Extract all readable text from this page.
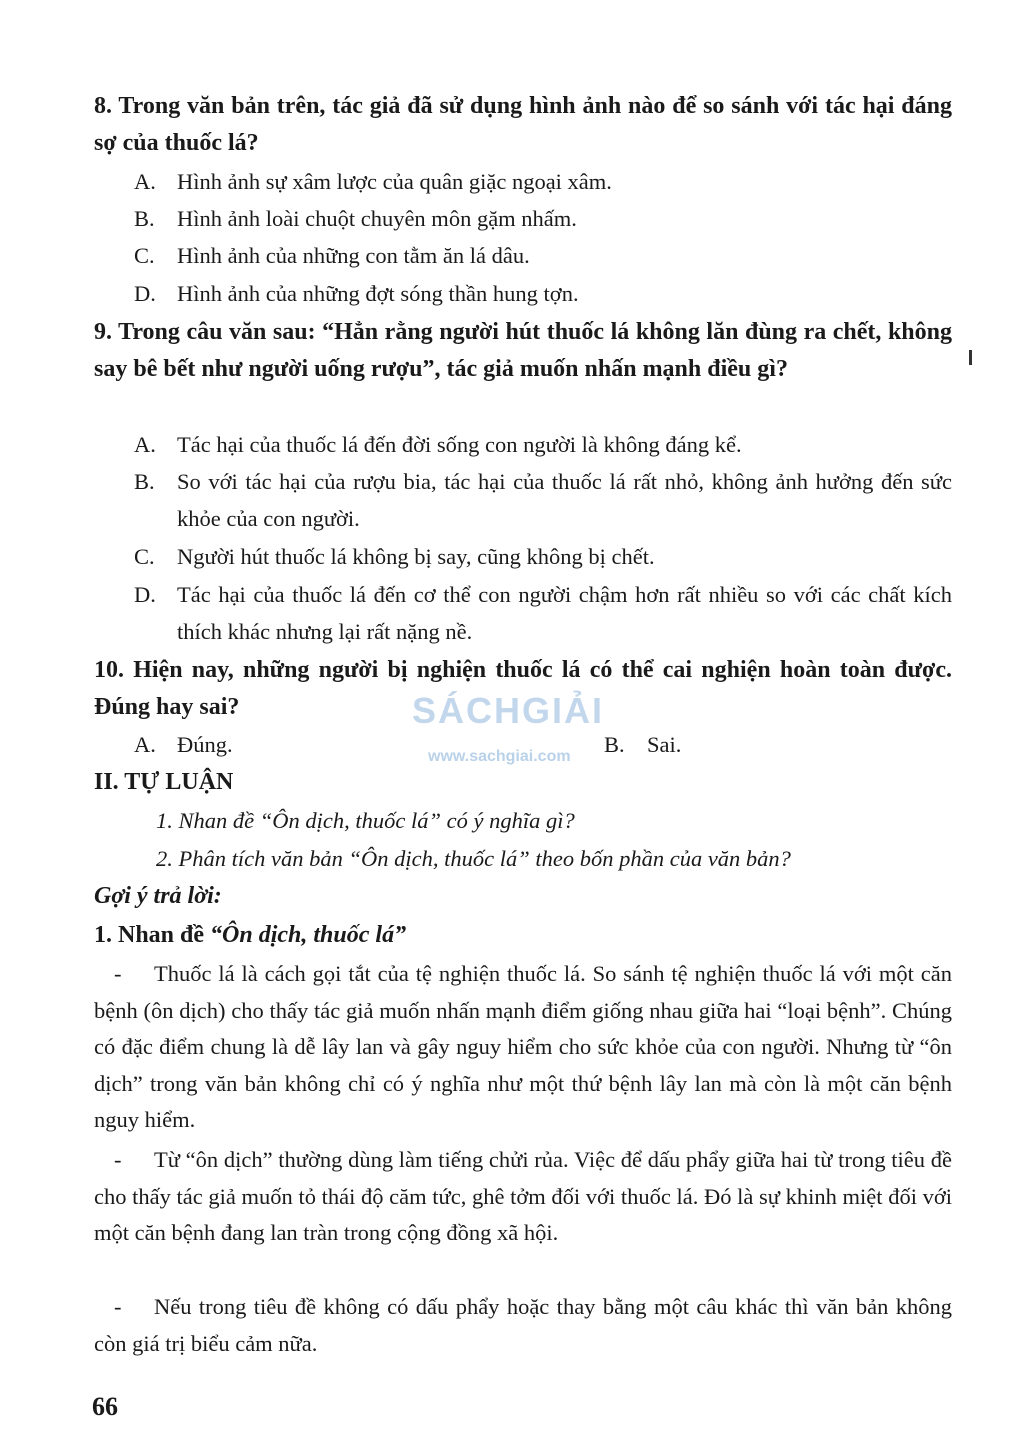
8. Trong văn bản trên, tác giả đã sử dụng hình ảnh nào để so sánh với tác hại đáng sợ của thuốc lá?
A. Hình ảnh sự xâm lược của quân giặc ngoại xâm.
B. Hình ảnh loài chuột chuyên môn gặm nhấm.
C. Hình ảnh của những con tằm ăn lá dâu.
D. Hình ảnh của những đợt sóng thần hung tợn.
9. Trong câu văn sau: “Hẳn rằng người hút thuốc lá không lăn đùng ra chết, không say bê bết như người uống rượu”, tác giả muốn nhấn mạnh điều gì?
A. Tác hại của thuốc lá đến đời sống con người là không đáng kể.
B. So với tác hại của rượu bia, tác hại của thuốc lá rất nhỏ, không ảnh hưởng đến sức khỏe của con người.
C. Người hút thuốc lá không bị say, cũng không bị chết.
D. Tác hại của thuốc lá đến cơ thể con người chậm hơn rất nhiều so với các chất kích thích khác nhưng lại rất nặng nề.
10. Hiện nay, những người bị nghiện thuốc lá có thể cai nghiện hoàn toàn được. Đúng hay sai?
A. Đúng.	B. Sai.
SÁCHGIẢI
www.sachgiai.com
II. TỰ LUẬN
1. Nhan đề “Ôn dịch, thuốc lá” có ý nghĩa gì?
2. Phân tích văn bản “Ôn dịch, thuốc lá” theo bốn phần của văn bản?
Gợi ý trả lời:
1. Nhan đề “Ôn dịch, thuốc lá”
- Thuốc lá là cách gọi tắt của tệ nghiện thuốc lá. So sánh tệ nghiện thuốc lá với một căn bệnh (ôn dịch) cho thấy tác giả muốn nhấn mạnh điểm giống nhau giữa hai “loại bệnh”. Chúng có đặc điểm chung là dễ lây lan và gây nguy hiểm cho sức khỏe của con người. Nhưng từ “ôn dịch” trong văn bản không chỉ có ý nghĩa như một thứ bệnh lây lan mà còn là một căn bệnh nguy hiểm.
- Từ “ôn dịch” thường dùng làm tiếng chửi rủa. Việc để dấu phẩy giữa hai từ trong tiêu đề cho thấy tác giả muốn tỏ thái độ căm tức, ghê tởm đối với thuốc lá. Đó là sự khinh miệt đối với một căn bệnh đang lan tràn trong cộng đồng xã hội.
- Nếu trong tiêu đề không có dấu phẩy hoặc thay bằng một câu khác thì văn bản không còn giá trị biểu cảm nữa.
66
